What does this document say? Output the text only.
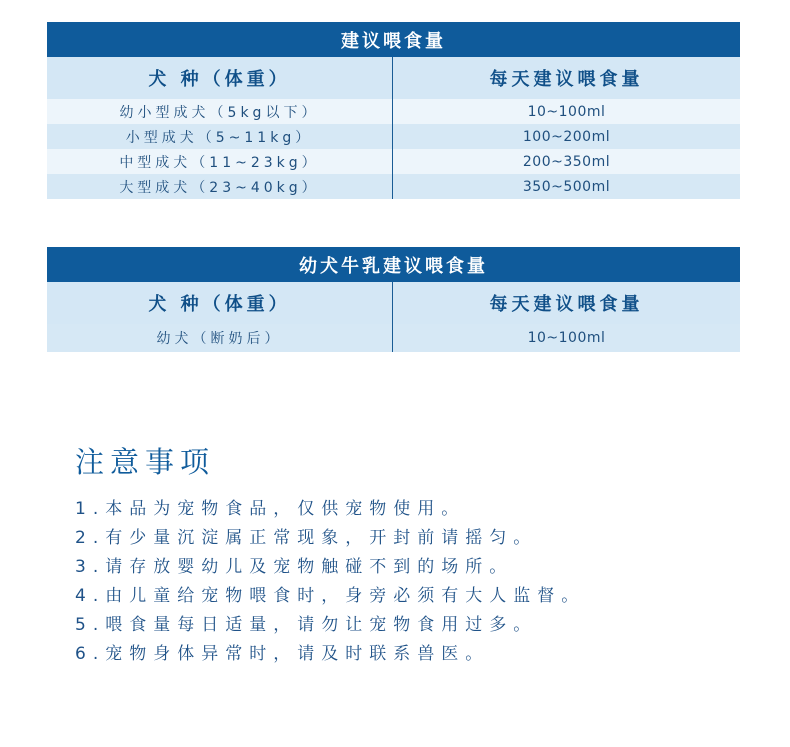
建议喂食量
犬 种（体重）	每天建议喂食量
幼小型成犬（5kg以下）	10~100ml
小型成犬（5~11kg）	100~200ml
中型成犬（11~23kg）	200~350ml
大型成犬（23~40kg）	350~500ml
幼犬牛乳建议喂食量
犬 种（体重）	每天建议喂食量
幼犬（断奶后）	10~100ml
注意事项
1.本品为宠物食品，仅供宠物使用。
2.有少量沉淀属正常现象，开封前请摇匀。
3.请存放婴幼儿及宠物触碰不到的场所。
4.由儿童给宠物喂食时，身旁必须有大人监督。
5.喂食量每日适量，请勿让宠物食用过多。
6.宠物身体异常时，请及时联系兽医。
